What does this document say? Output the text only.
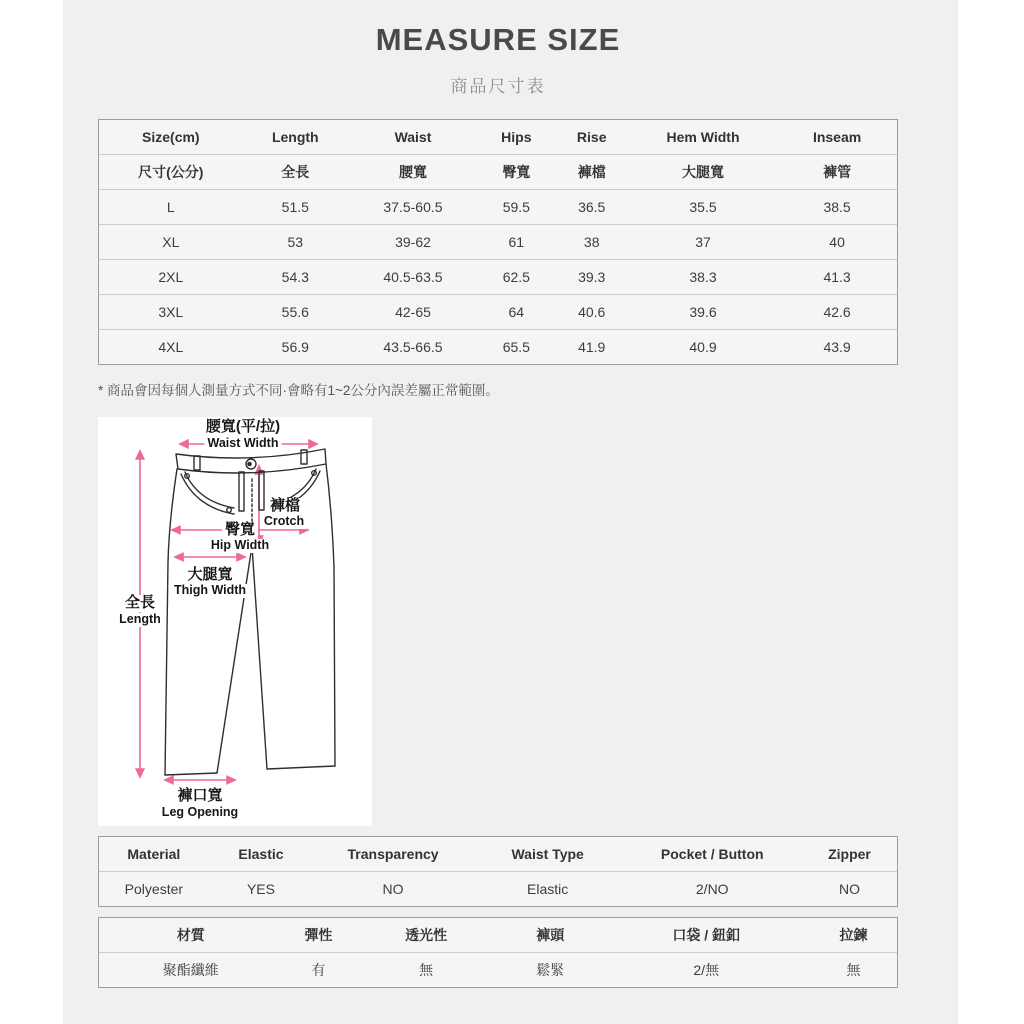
MEASURE SIZE
商品尺寸表
Size(cm)	Length	Waist	Hips	Rise	Hem Width	Inseam
尺寸(公分)	全長	腰寬	臀寬	褲檔	大腿寬	褲管
L	51.5	37.5-60.5	59.5	36.5	35.5	38.5
XL	53	39-62	61	38	37	40
2XL	54.3	40.5-63.5	62.5	39.3	38.3	41.3
3XL	55.6	42-65	64	40.6	39.6	42.6
4XL	56.9	43.5-66.5	65.5	41.9	40.9	43.9
* 商品會因每個人測量方式不同·會略有1~2公分內誤差屬正常範圍。
腰寬(平/拉)
Waist Width
褲檔
Crotch
臀寬
Hip Width
大腿寬
Thigh Width
全長
Length
褲口寬
Leg Opening
Material	Elastic	Transparency	Waist Type	Pocket / Button	Zipper
Polyester	YES	NO	Elastic	2/NO	NO
材質	彈性	透光性	褲頭	口袋 / 鈕釦	拉鍊
聚酯纖維	有	無	鬆緊	2/無	無
